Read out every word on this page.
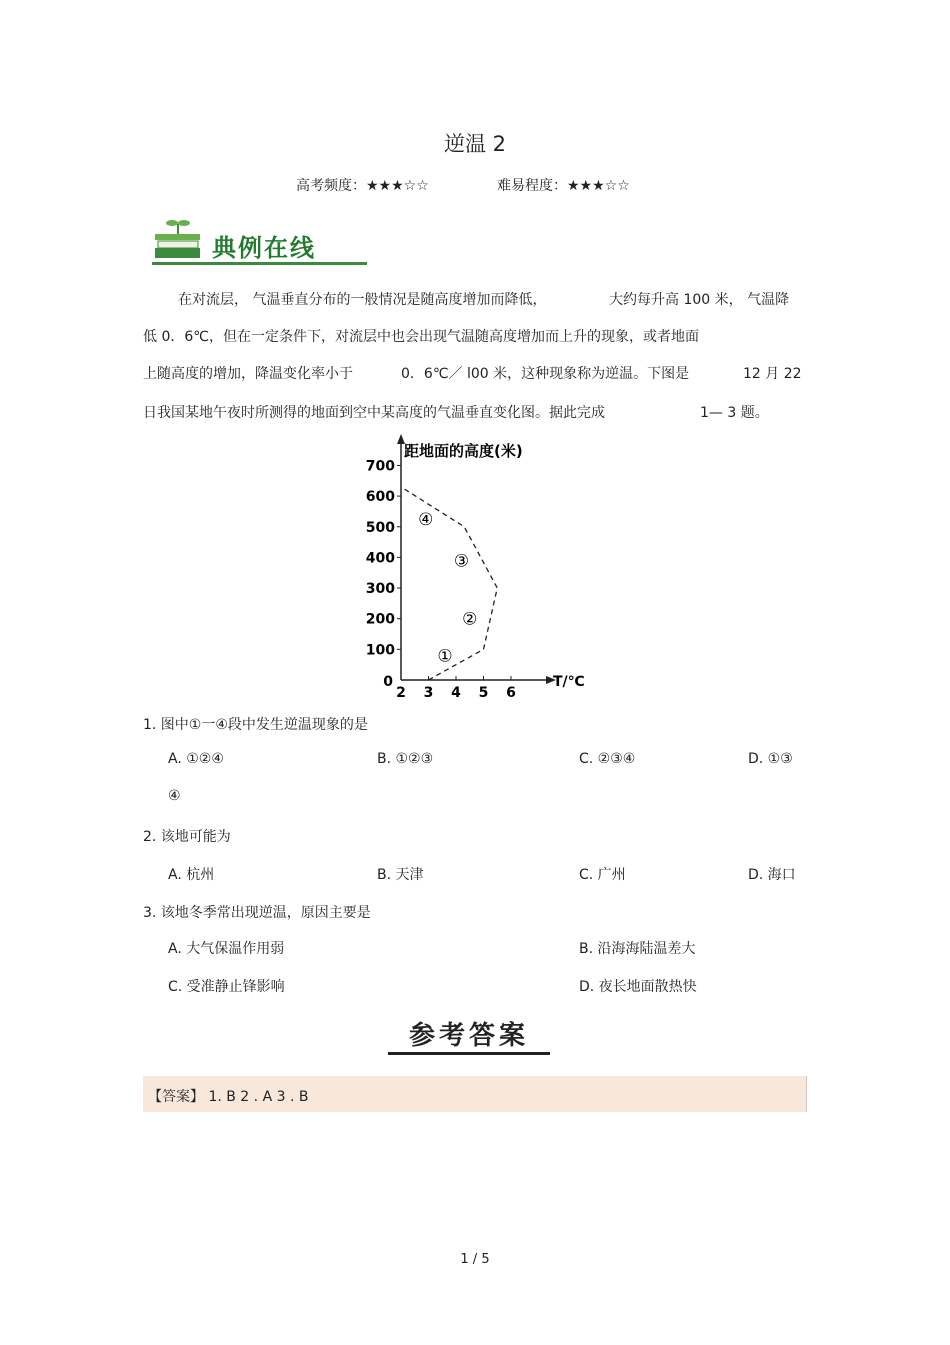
逆温 2
高考频度：★★★☆☆	难易程度：★★★☆☆
典例在线
在对流层， 气温垂直分布的一般情况是随高度增加而降低，	大约每升高 100 米， 气温降
低 0．6℃，但在一定条件下，对流层中也会出现气温随高度增加而上升的现象，或者地面
上随高度的增加，降温变化率小于	0．6℃／ l00 米，这种现象称为逆温。下图是	12 月 22
日我国某地午夜时所测得的地面到空中某高度的气温垂直变化图。据此完成	1— 3 题。
距地面的高度(米)
T/℃
0
100
200
300
400
500
600
700
2 3 4 5 6
①
②
③
④
1. 图中①一④段中发生逆温现象的是
A. ①②④	B. ①②③	C. ②③④	D. ①③
④
2. 该地可能为
A. 杭州	B. 天津	C. 广州	D. 海口
3. 该地冬季常出现逆温，原因主要是
A. 大气保温作用弱	B. 沿海海陆温差大
C. 受准静止锋影响	D. 夜长地面散热快
参考答案
【答案】 1. B 2 . A 3 . B
1 / 5
